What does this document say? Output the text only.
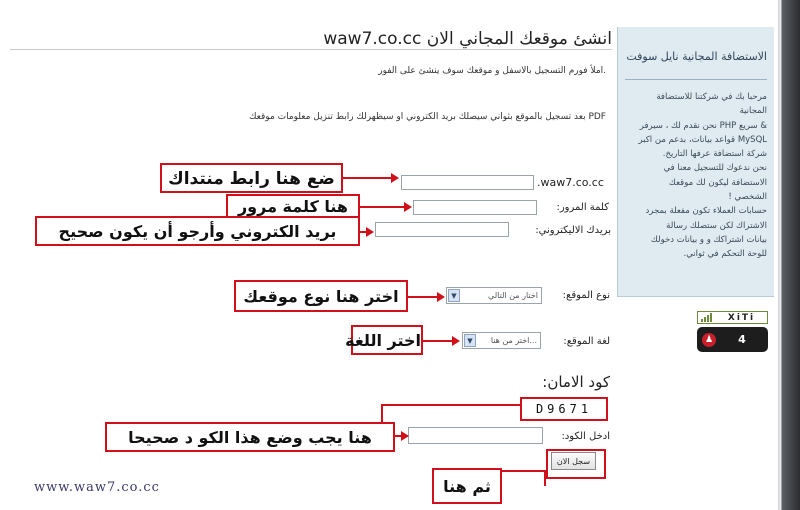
انشئ موقعك المجاني الان waw7.co.cc
.املأ فورم التسجيل بالاسفل و موقعك سوف ينشئ على الفور
PDF بعد تسجيل بالموقع بثواني سيصلك بريد الكتروني او سيظهرلك رابط تنزيل معلومات موقعك
.waw7.co.cc
كلمة المرور:
بريدك الاليكتروني:
▼	اختار من التالي	نوع الموقع:
▼	اختر من هنا...	لغة الموقع:
كود الامان:
D9671
ادخل الكود:
سجل الان
الاستضافة المجانية نايل سوفت
مرحبا بك في شركتنا للاستضافة
المجانية
& سريع PHP نحن نقدم لك ، سيرفر
MySQL قواعد بيانات، بدعم من اكبر
شركة استضافة عرفها التاريخ.
نحن ندعوك للتسجيل معنا في
الاستضافة ليكون لك موقعك
الشخصي !
حسابات العملاء تكون مفعلة بمجرد
الاشتراك لكن ستصلك رسالة
بيانات اشتراكك و و بيانات دخولك
للوحة التحكم في ثواني.
XiTi
♟	4
ضع هنا رابط منتداك
هنا كلمة مرور
بريد الكتروني وأرجو أن يكون صحيح
اختر هنا نوع موقعك
اختر اللغة
هنا يجب وضع هذا الكو د صحيحا
ثم هنا
www.waw7.co.cc
